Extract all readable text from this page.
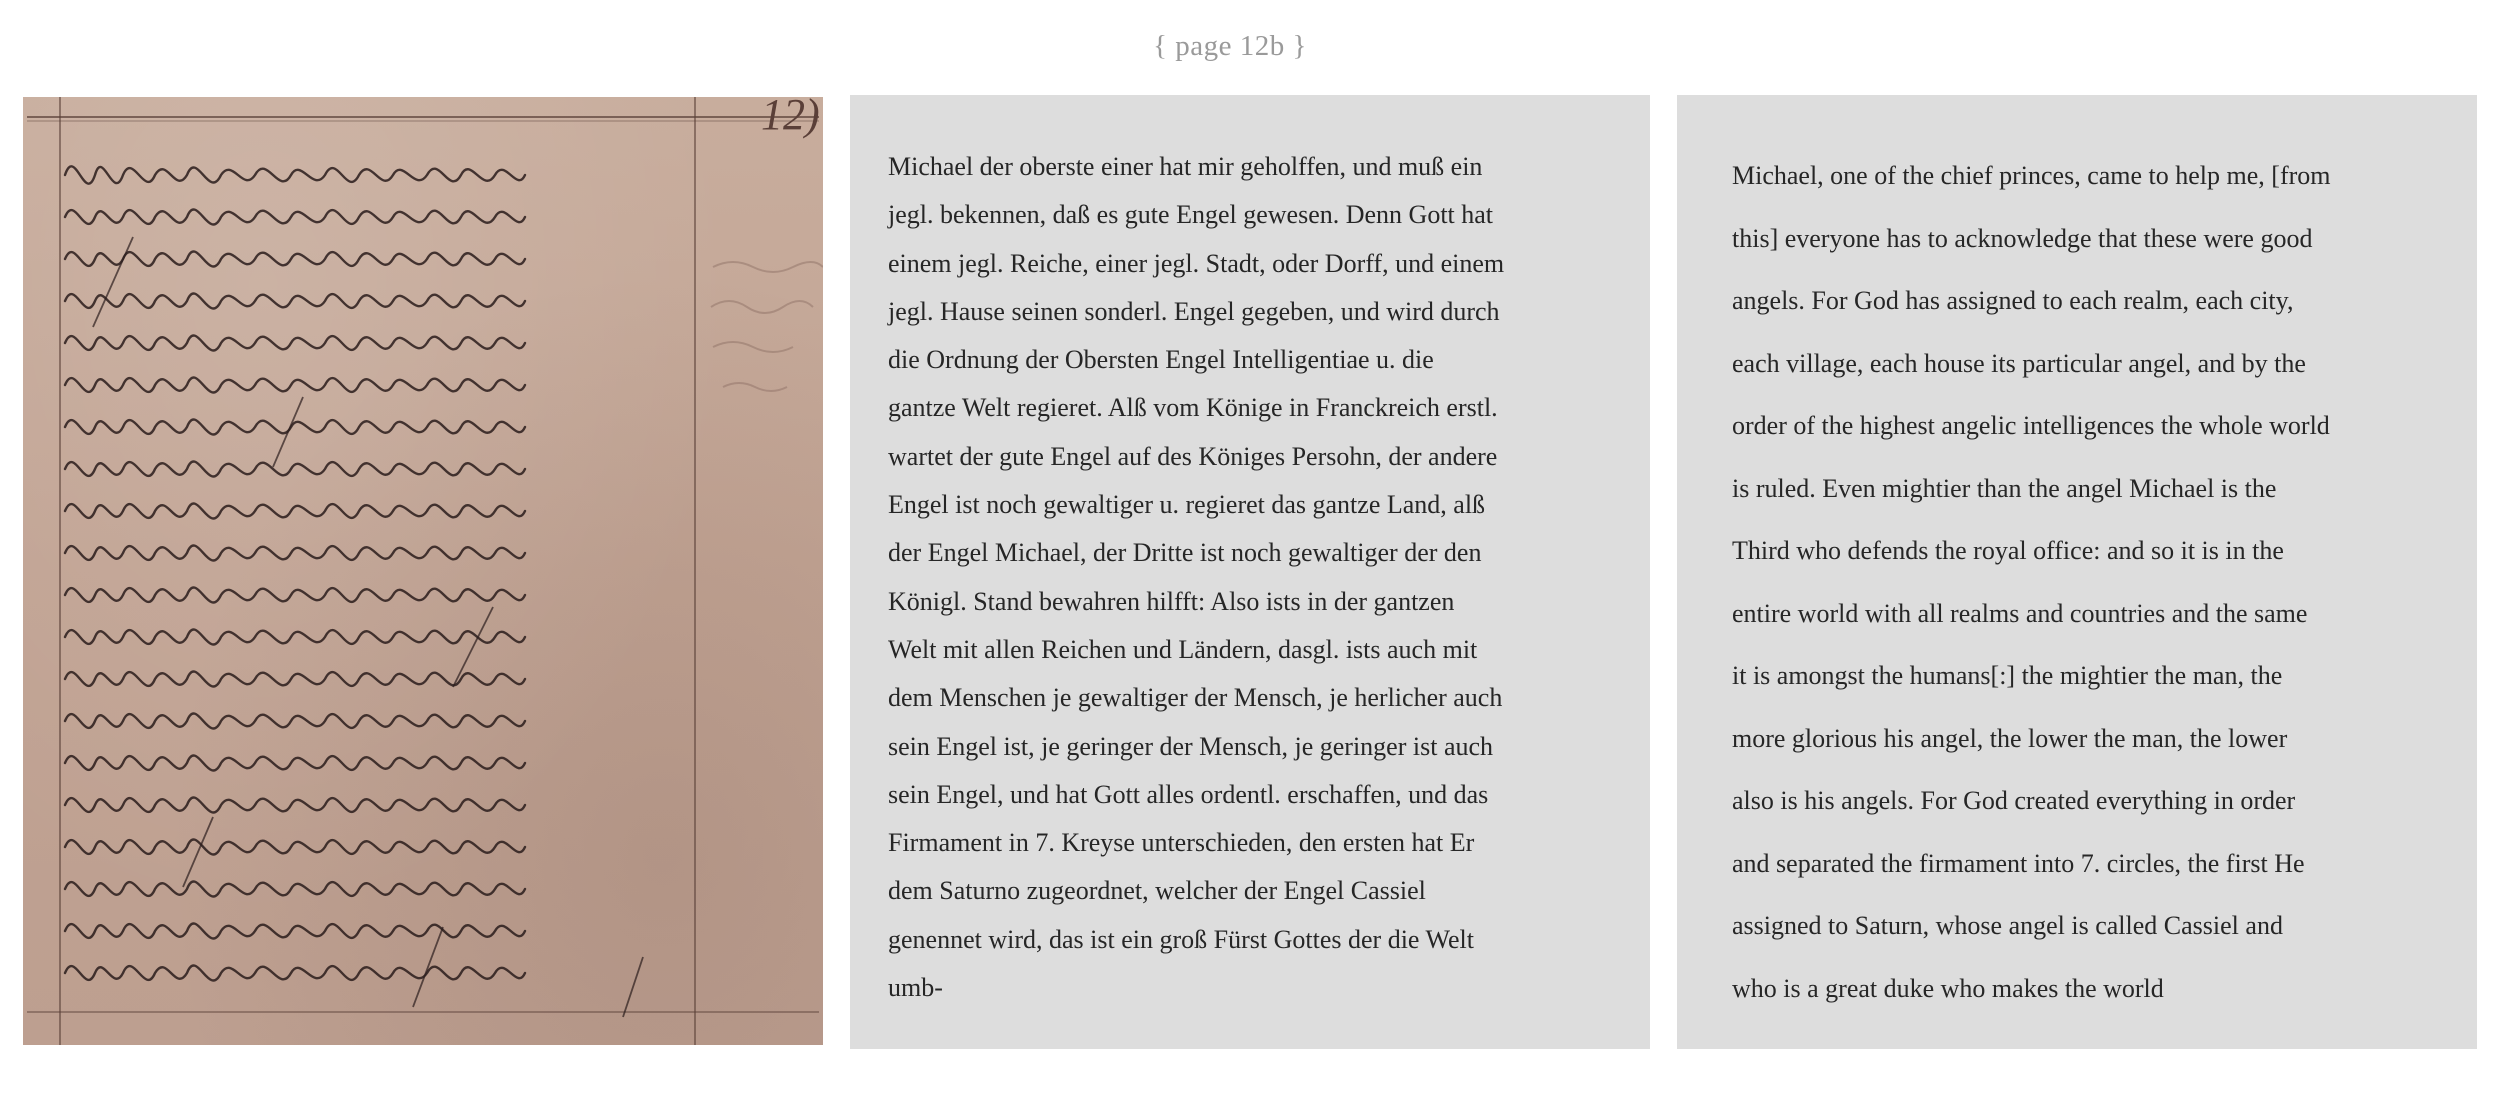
{ page 12b }
12)
Michael der oberste einer hat mir geholffen, und muß ein
jegl. bekennen, daß es gute Engel gewesen. Denn Gott hat
einem jegl. Reiche, einer jegl. Stadt, oder Dorff, und einem
jegl. Hause seinen sonderl. Engel gegeben, und wird durch
die Ordnung der Obersten Engel Intelligentiae u. die
gantze Welt regieret. Alß vom Könige in Franckreich erstl.
wartet der gute Engel auf des Königes Persohn, der andere
Engel ist noch gewaltiger u. regieret das gantze Land, alß
der Engel Michael, der Dritte ist noch gewaltiger der den
Königl. Stand bewahren hilfft: Also ists in der gantzen
Welt mit allen Reichen und Ländern, dasgl. ists auch mit
dem Menschen je gewaltiger der Mensch, je herlicher auch
sein Engel ist, je geringer der Mensch, je geringer ist auch
sein Engel, und hat Gott alles ordentl. erschaffen, und das
Firmament in 7. Kreyse unterschieden, den ersten hat Er
dem Saturno zugeordnet, welcher der Engel Cassiel
genennet wird, das ist ein groß Fürst Gottes der die Welt
umb-
Michael, one of the chief princes, came to help me, [from
this] everyone has to acknowledge that these were good
angels. For God has assigned to each realm, each city,
each village, each house its particular angel, and by the
order of the highest angelic intelligences the whole world
is ruled. Even mightier than the angel Michael is the
Third who defends the royal office: and so it is in the
entire world with all realms and countries and the same
it is amongst the humans[:] the mightier the man, the
more glorious his angel, the lower the man, the lower
also is his angels. For God created everything in order
and separated the firmament into 7. circles, the first He
assigned to Saturn, whose angel is called Cassiel and
who is a great duke who makes the world
